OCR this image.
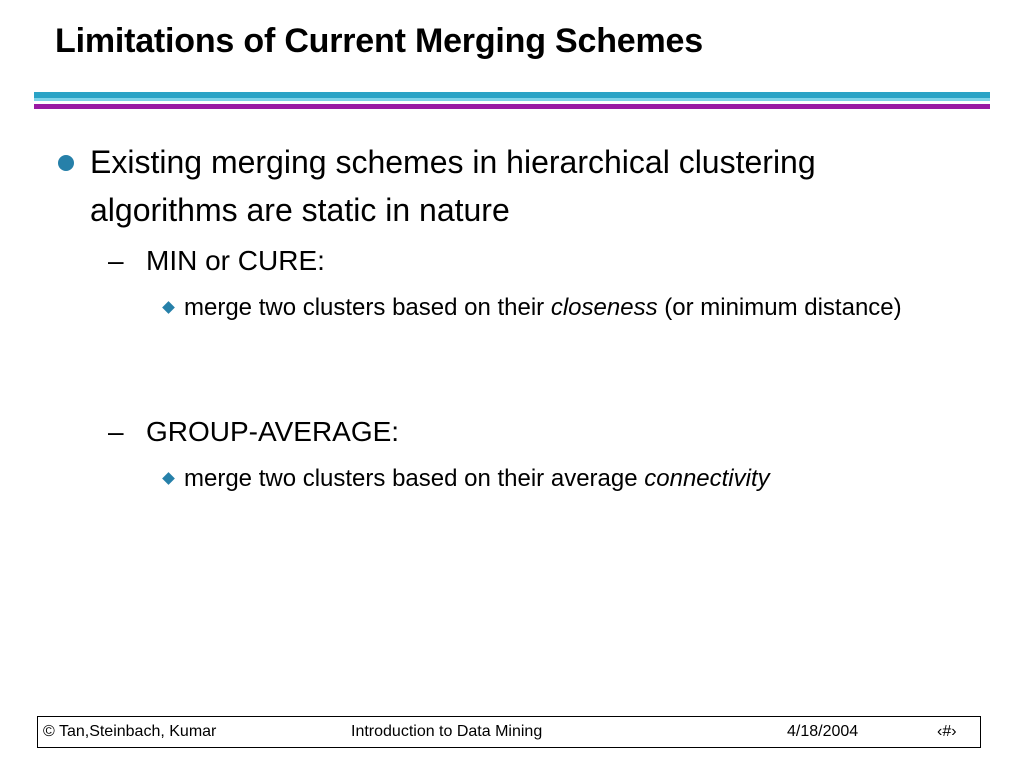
Limitations of Current Merging Schemes
Existing merging schemes in hierarchical clustering algorithms are static in nature
– MIN or CURE:
merge two clusters based on their closeness (or minimum distance)
– GROUP-AVERAGE:
merge two clusters based on their average connectivity
© Tan,Steinbach, Kumar	Introduction to Data Mining	4/18/2004	‹#›
